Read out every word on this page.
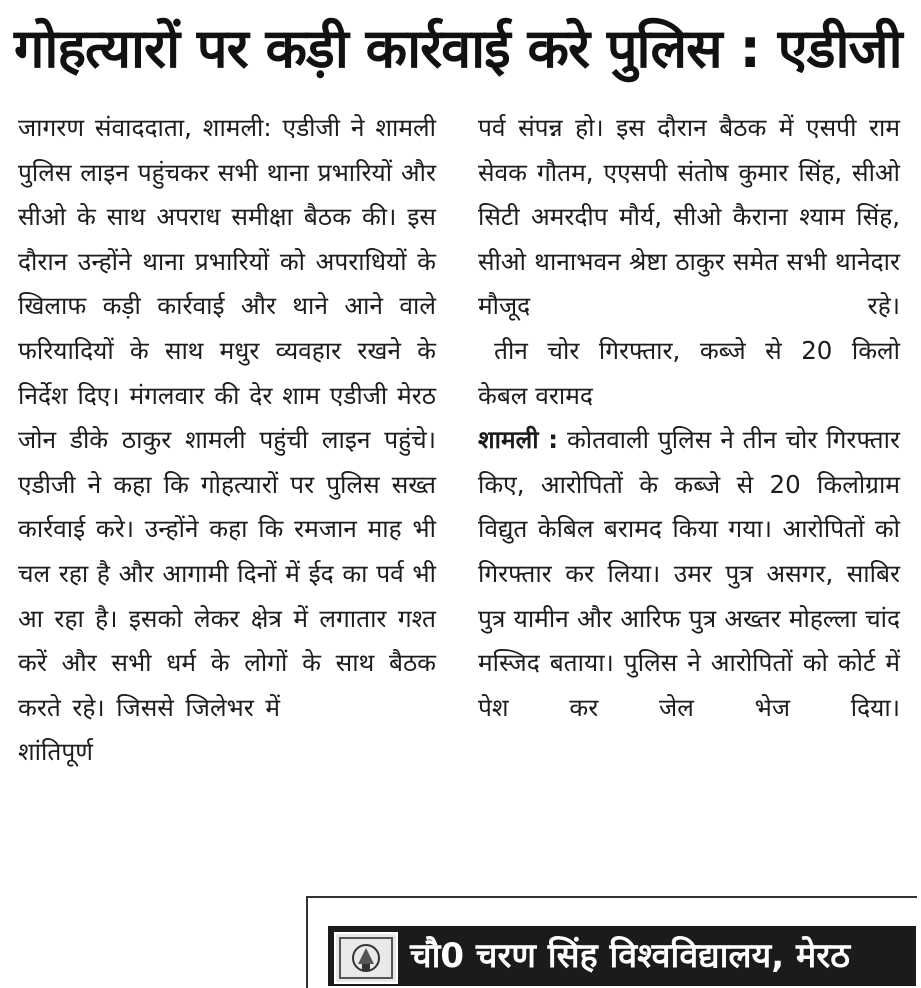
गोहत्यारों पर कड़ी कार्रवाई करे पुलिस : एडीजी

जागरण संवाददाता, शामली: एडीजी ने शामली पुलिस लाइन पहुंचकर सभी थाना प्रभारियों और सीओ के साथ अपराध समीक्षा बैठक की। इस दौरान उन्होंने थाना प्रभारियों को अपराधियों के खिलाफ कड़ी कार्रवाई और थाने आने वाले फरियादियों के साथ मधुर व्यवहार रखने के निर्देश दिए। मंगलवार की देर शाम एडीजी मेरठ जोन डीके ठाकुर शामली पहुंची लाइन पहुंचे। एडीजी ने कहा कि गोहत्यारों पर पुलिस सख्त कार्रवाई करे। उन्होंने कहा कि रमजान माह भी चल रहा है और आगामी दिनों में ईद का पर्व भी आ रहा है। इसको लेकर क्षेत्र में लगातार गश्त करें और सभी धर्म के लोगों के साथ बैठक

करते रहे। जिससे जिलेभर में शांतिपूर्ण

पर्व संपन्न हो। इस दौरान बैठक में एसपी राम सेवक गौतम, एएसपी संतोष कुमार सिंह, सीओ सिटी अमरदीप मौर्य, सीओ कैराना श्याम सिंह, सीओ थानाभवन श्रेष्टा ठाकुर समेत सभी थानेदार मौजूद रहे।

तीन चोर गिरफ्तार, कब्जे से 20 किलो

केबल वरामद

शामली : कोतवाली पुलिस ने तीन चोर गिरफ्तार किए, आरोपितों के कब्जे से 20 किलोग्राम विद्युत केबिल बरामद किया गया। आरोपितों को गिरफ्तार कर लिया। उमर पुत्र असगर, साबिर पुत्र यामीन और आरिफ पुत्र अख्तर मोहल्ला चांद मस्जिद बताया। पुलिस ने आरोपितों को कोर्ट में पेश कर जेल भेज दिया।

चौ0 चरण सिंह विश्वविद्यालय, मेरठ
